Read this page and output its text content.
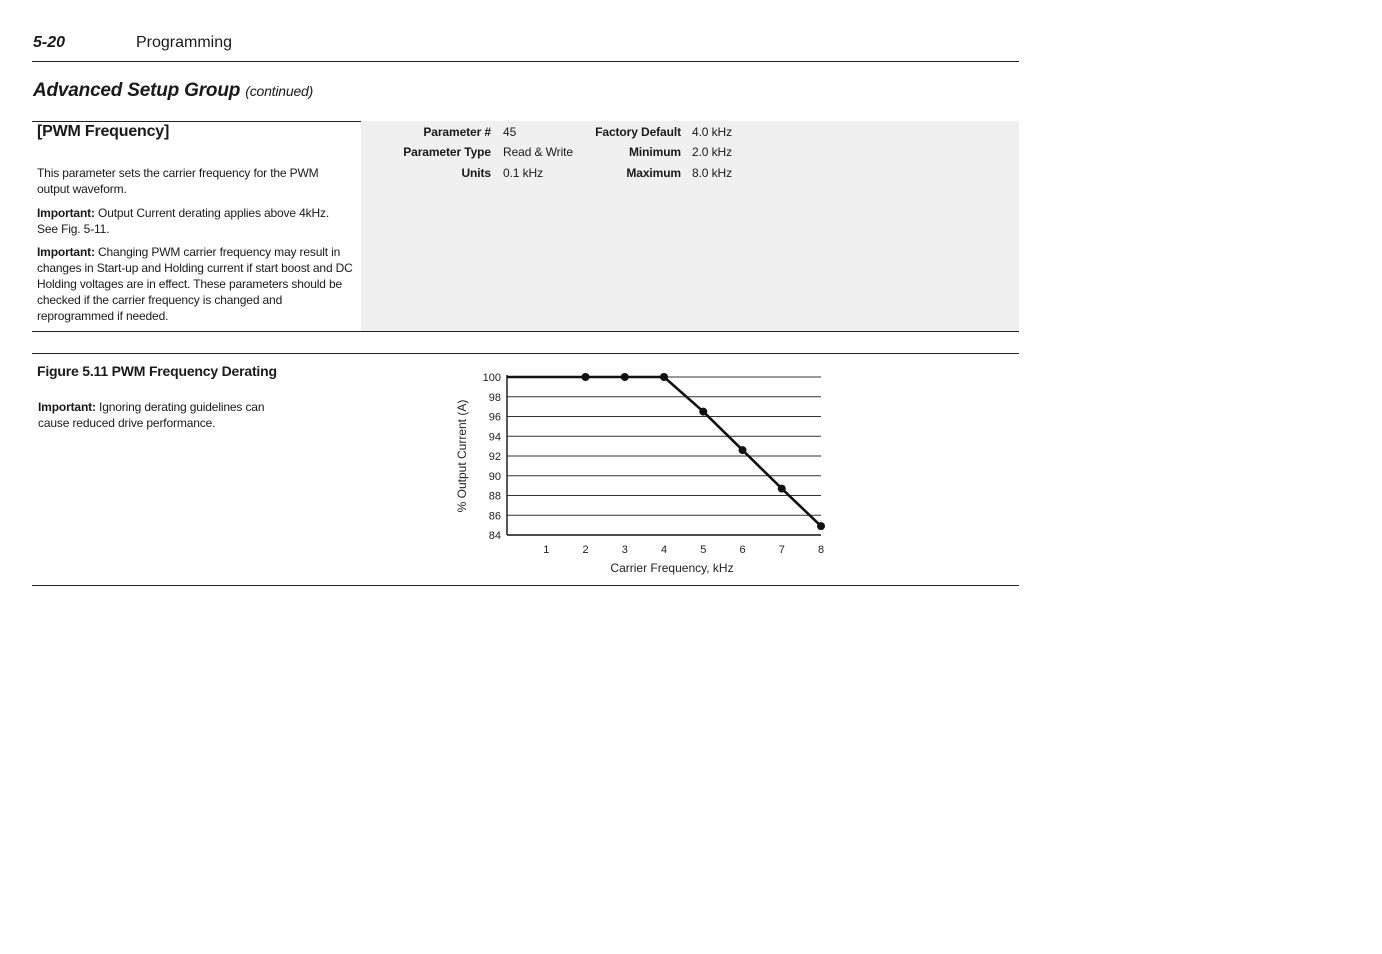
5-20	Programming
Advanced Setup Group (continued)
[PWM Frequency]
This parameter sets the carrier frequency for the PWM output waveform.
Important: Output Current derating applies above 4kHz. See Fig. 5-11.
Important: Changing PWM carrier frequency may result in changes in Start-up and Holding current if start boost and DC Holding voltages are in effect. These parameters should be checked if the carrier frequency is changed and reprogrammed if needed.
Parameter # 45
Parameter Type Read & Write
Units 0.1 kHz
Factory Default 4.0 kHz
Minimum 2.0 kHz
Maximum 8.0 kHz
Figure 5.11 PWM Frequency Derating
Important: Ignoring derating guidelines can cause reduced drive performance.
84
86
88
90
92
94
96
98
100
1	2	3	4	5	6	7	8
Carrier Frequency, kHz
% Output Current (A)
